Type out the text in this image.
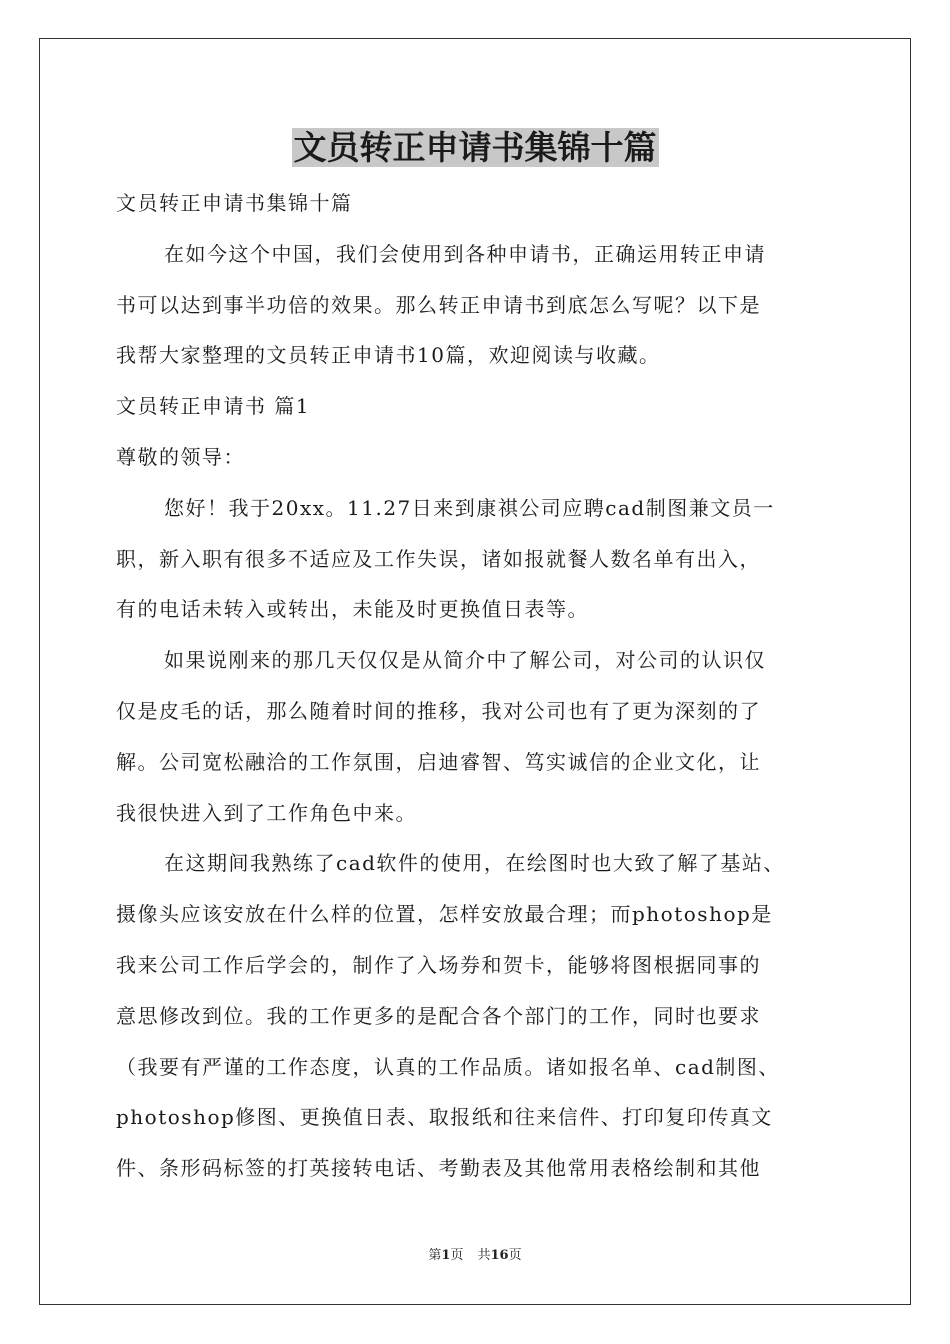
文员转正申请书集锦十篇
文员转正申请书集锦十篇
在如今这个中国，我们会使用到各种申请书，正确运用转正申请
书可以达到事半功倍的效果。那么转正申请书到底怎么写呢？以下是
我帮大家整理的文员转正申请书10篇，欢迎阅读与收藏。
文员转正申请书 篇1
尊敬的领导：
您好！我于20xx。11.27日来到康祺公司应聘cad制图兼文员一
职，新入职有很多不适应及工作失误，诸如报就餐人数名单有出入，
有的电话未转入或转出，未能及时更换值日表等。
如果说刚来的那几天仅仅是从简介中了解公司，对公司的认识仅
仅是皮毛的话，那么随着时间的推移，我对公司也有了更为深刻的了
解。公司宽松融洽的工作氛围，启迪睿智、笃实诚信的企业文化，让
我很快进入到了工作角色中来。
在这期间我熟练了cad软件的使用，在绘图时也大致了解了基站、
摄像头应该安放在什么样的位置，怎样安放最合理；而photoshop是
我来公司工作后学会的，制作了入场券和贺卡，能够将图根据同事的
意思修改到位。我的工作更多的是配合各个部门的工作，同时也要求
（我要有严谨的工作态度，认真的工作品质。诸如报名单、cad制图、
photoshop修图、更换值日表、取报纸和往来信件、打印复印传真文
件、条形码标签的打英接转电话、考勤表及其他常用表格绘制和其他
第1页 共16页
